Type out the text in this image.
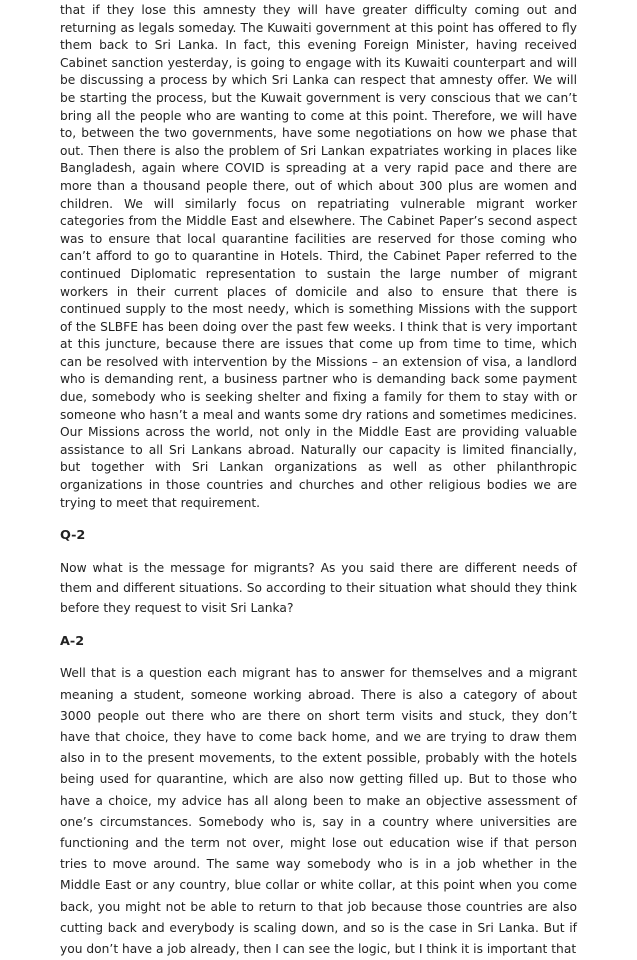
that if they lose this amnesty they will have greater difficulty coming out and returning as legals someday. The Kuwaiti government at this point has offered to fly them back to Sri Lanka. In fact, this evening Foreign Minister, having received Cabinet sanction yesterday, is going to engage with its Kuwaiti counterpart and will be discussing a process by which Sri Lanka can respect that amnesty offer. We will be starting the process, but the Kuwait government is very conscious that we can’t bring all the people who are wanting to come at this point. Therefore, we will have to, between the two governments, have some negotiations on how we phase that out. Then there is also the problem of Sri Lankan expatriates working in places like Bangladesh, again where COVID is spreading at a very rapid pace and there are more than a thousand people there, out of which about 300 plus are women and children. We will similarly focus on repatriating vulnerable migrant worker categories from the Middle East and elsewhere. The Cabinet Paper’s second aspect was to ensure that local quarantine facilities are reserved for those coming who can’t afford to go to quarantine in Hotels. Third, the Cabinet Paper referred to the continued Diplomatic representation to sustain the large number of migrant workers in their current places of domicile and also to ensure that there is continued supply to the most needy, which is something Missions with the support of the SLBFE has been doing over the past few weeks. I think that is very important at this juncture, because there are issues that come up from time to time, which can be resolved with intervention by the Missions – an extension of visa, a landlord who is demanding rent, a business partner who is demanding back some payment due, somebody who is seeking shelter and fixing a family for them to stay with or someone who hasn’t a meal and wants some dry rations and sometimes medicines. Our Missions across the world, not only in the Middle East are providing valuable assistance to all Sri Lankans abroad. Naturally our capacity is limited financially, but together with Sri Lankan organizations as well as other philanthropic organizations in those countries and churches and other religious bodies we are trying to meet that requirement.

Q-2

Now what is the message for migrants? As you said there are different needs of them and different situations. So according to their situation what should they think before they request to visit Sri Lanka?

A-2

Well that is a question each migrant has to answer for themselves and a migrant meaning a student, someone working abroad. There is also a category of about 3000 people out there who are there on short term visits and stuck, they don’t have that choice, they have to come back home, and we are trying to draw them also in to the present movements, to the extent possible, probably with the hotels being used for quarantine, which are also now getting filled up. But to those who have a choice, my advice has all along been to make an objective assessment of one’s circumstances. Somebody who is, say in a country where universities are functioning and the term not over, might lose out education wise if that person tries to move around. The same way somebody who is in a job whether in the Middle East or any country, blue collar or white collar, at this point when you come back, you might not be able to return to that job because those countries are also cutting back and everybody is scaling down, and so is the case in Sri Lanka. But if you don’t have a job already, then I can see the logic, but I think it is important that
